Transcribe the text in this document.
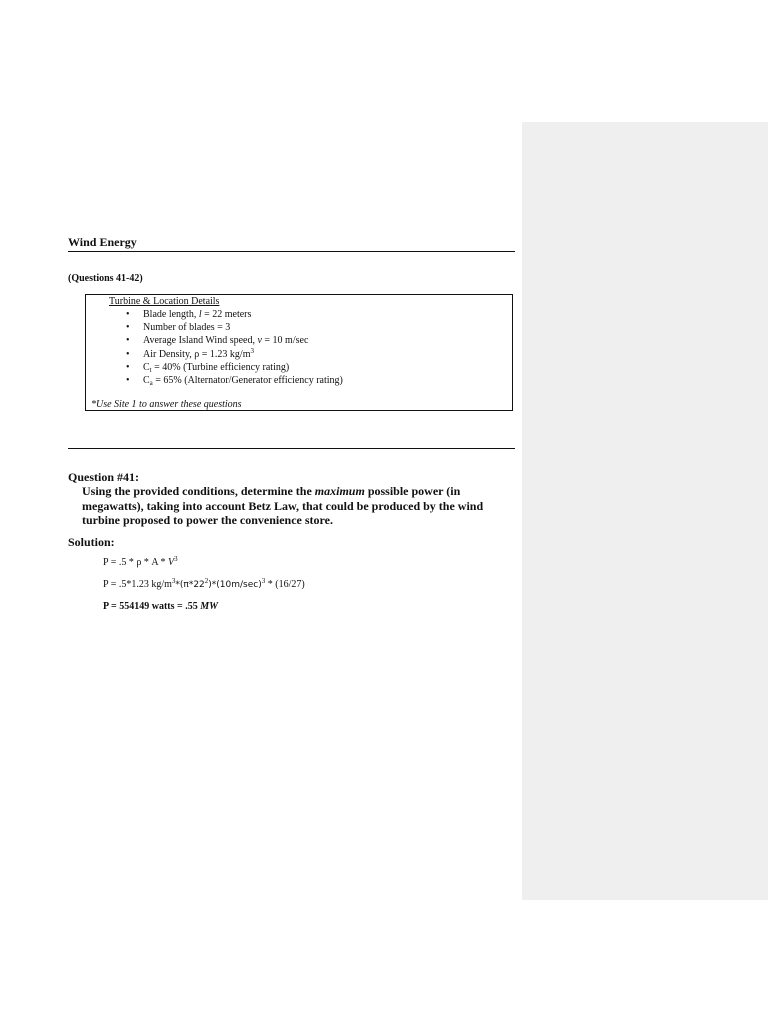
Wind Energy
(Questions 41-42)
Turbine & Location Details
• Blade length, l = 22 meters
• Number of blades = 3
• Average Island Wind speed, v = 10 m/sec
• Air Density, ρ = 1.23 $kg/m^3$
• $C_t = 40\%$ (Turbine efficiency rating)
• $C_a = 65\%$ (Alternator/Generator efficiency rating)
*Use Site 1 to answer these questions
Question #41:
Using the provided conditions, determine the maximum possible power (in megawatts), taking into account Betz Law, that could be produced by the wind turbine proposed to power the convenience store.
Solution:
$P = .5 * \rho * A * V^3$
P = .5*1.23 $kg/m^3*(\pi*22^2)*(10m/\sec)^3 * (16/27)$
P = 554149 watts = .55 MW
